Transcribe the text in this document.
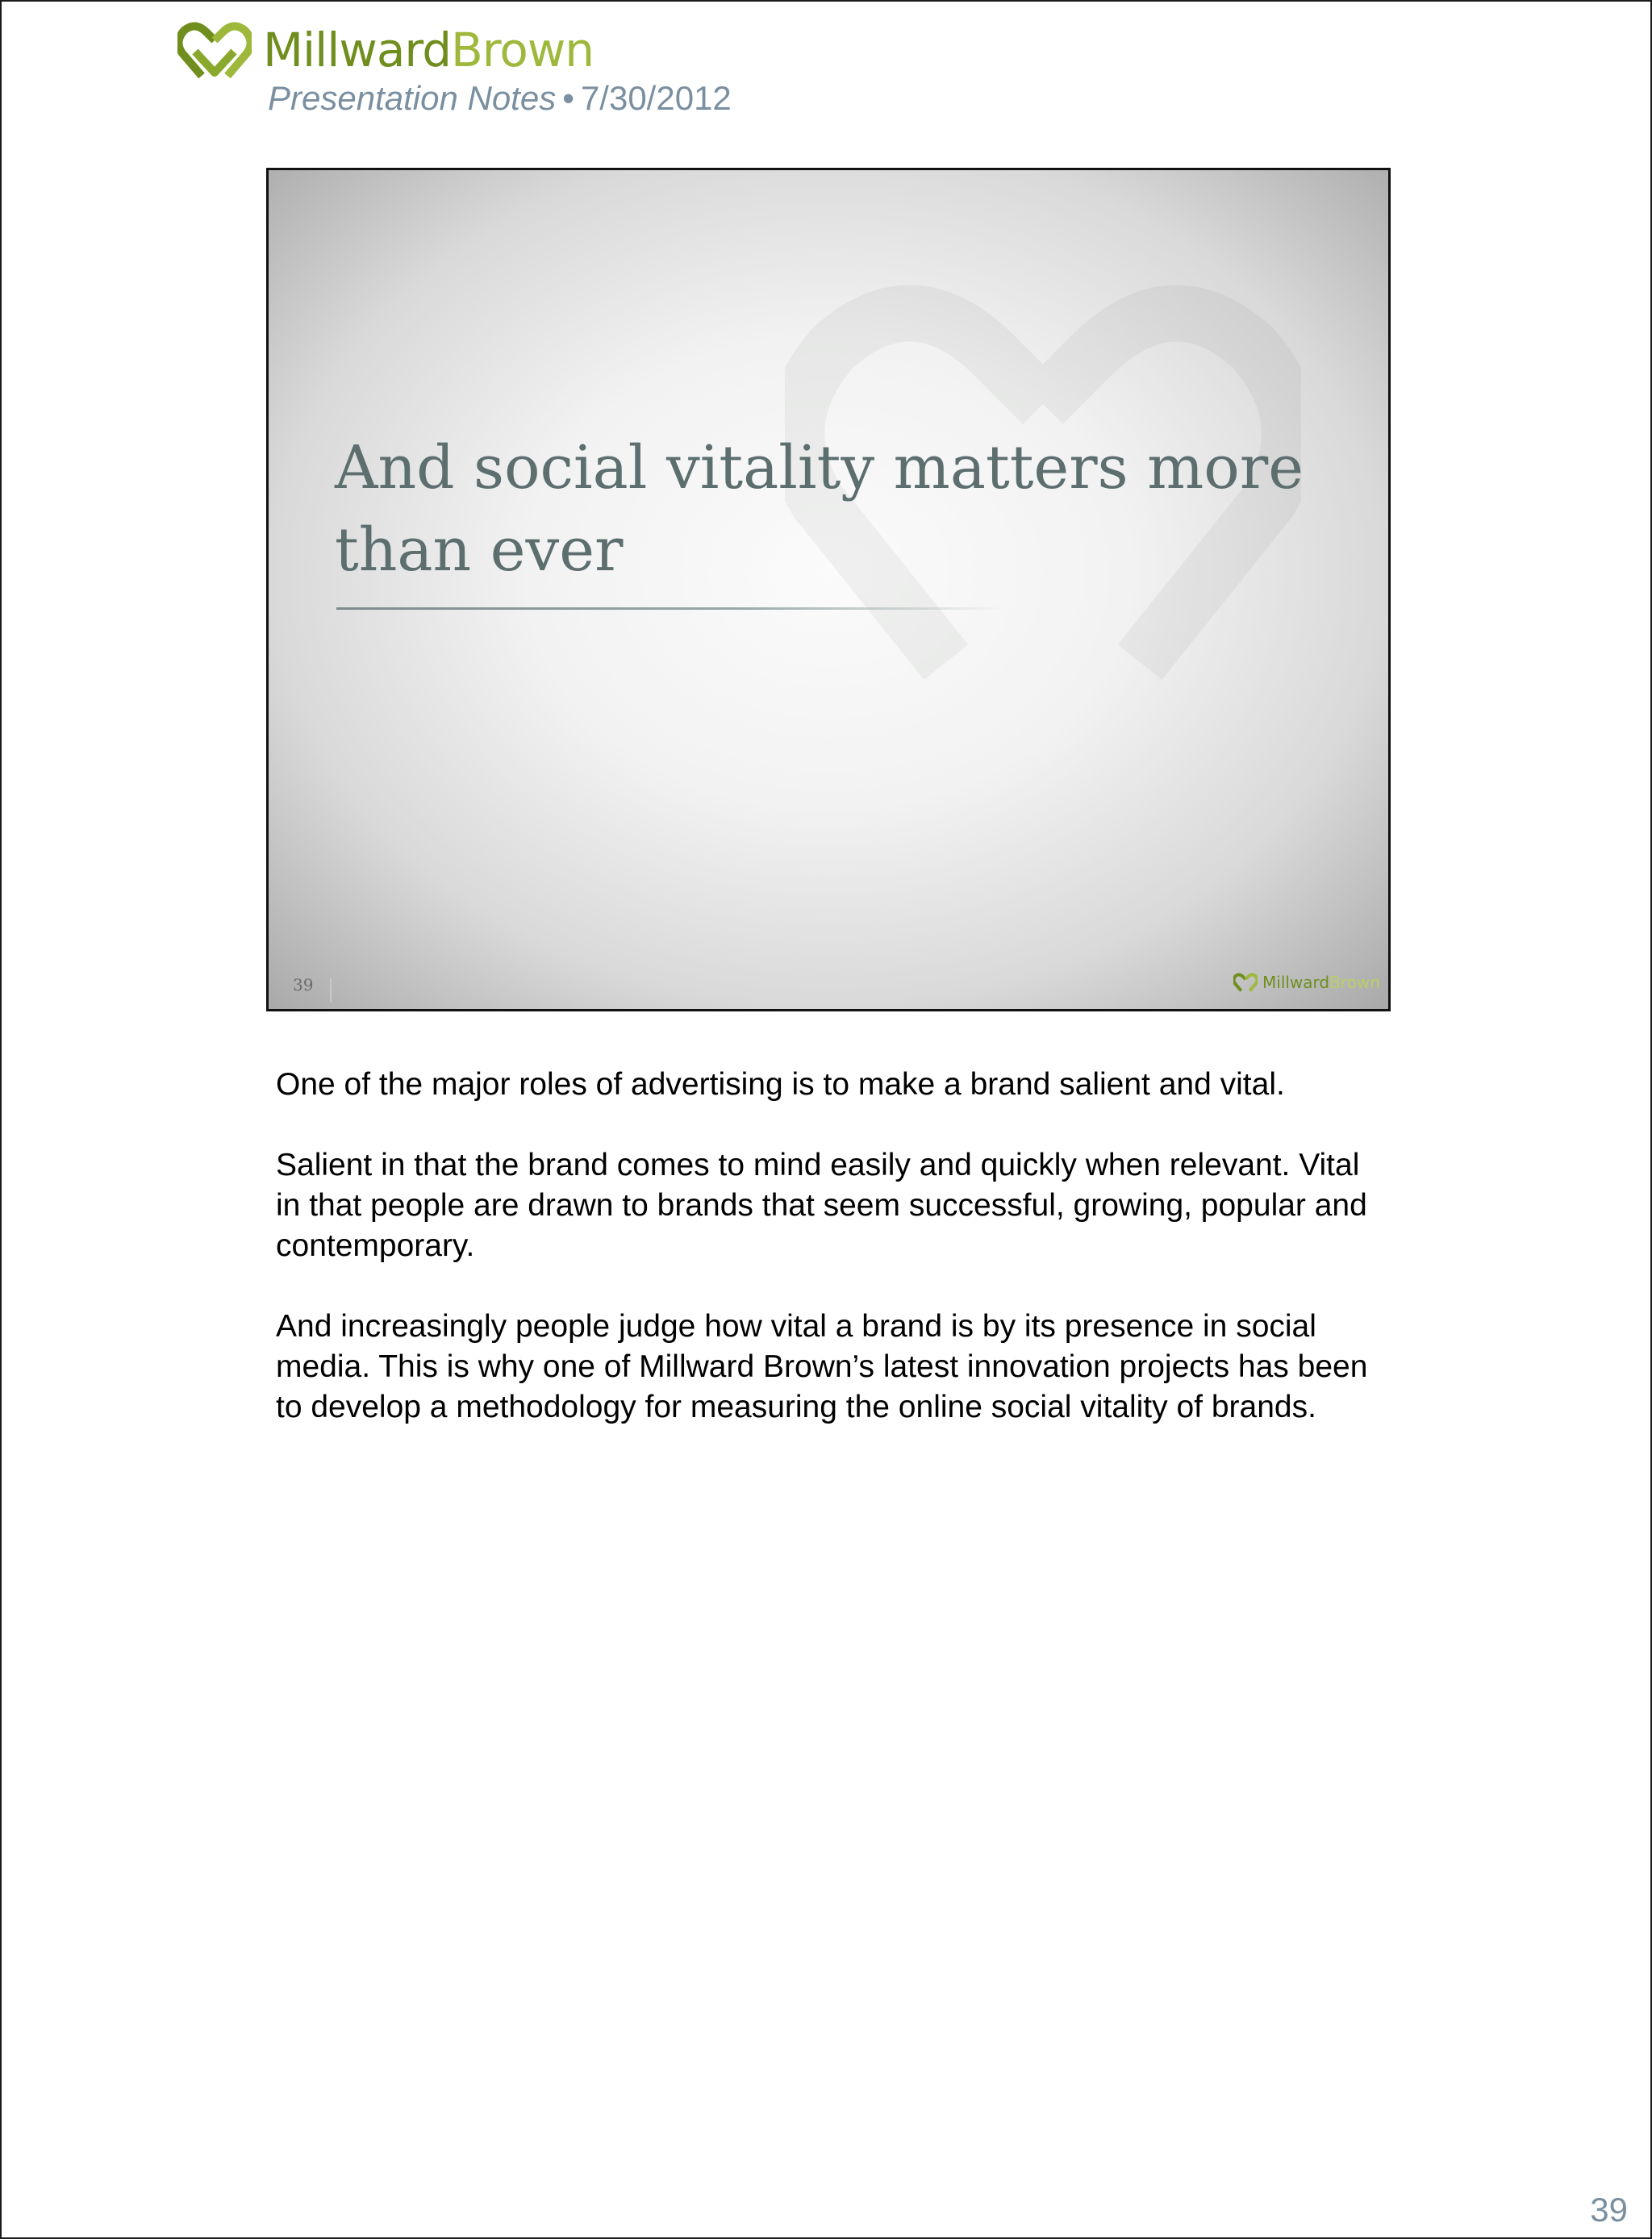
MillwardBrown
Presentation Notes • 7/30/2012
And social vitality matters more than ever
39	Millward Brown

One of the major roles of advertising is to make a brand salient and vital.

Salient in that the brand comes to mind easily and quickly when relevant. Vital in that people are drawn to brands that seem successful, growing, popular and contemporary.

And increasingly people judge how vital a brand is by its presence in social media. This is why one of Millward Brown’s latest innovation projects has been to develop a methodology for measuring the online social vitality of brands.

39
